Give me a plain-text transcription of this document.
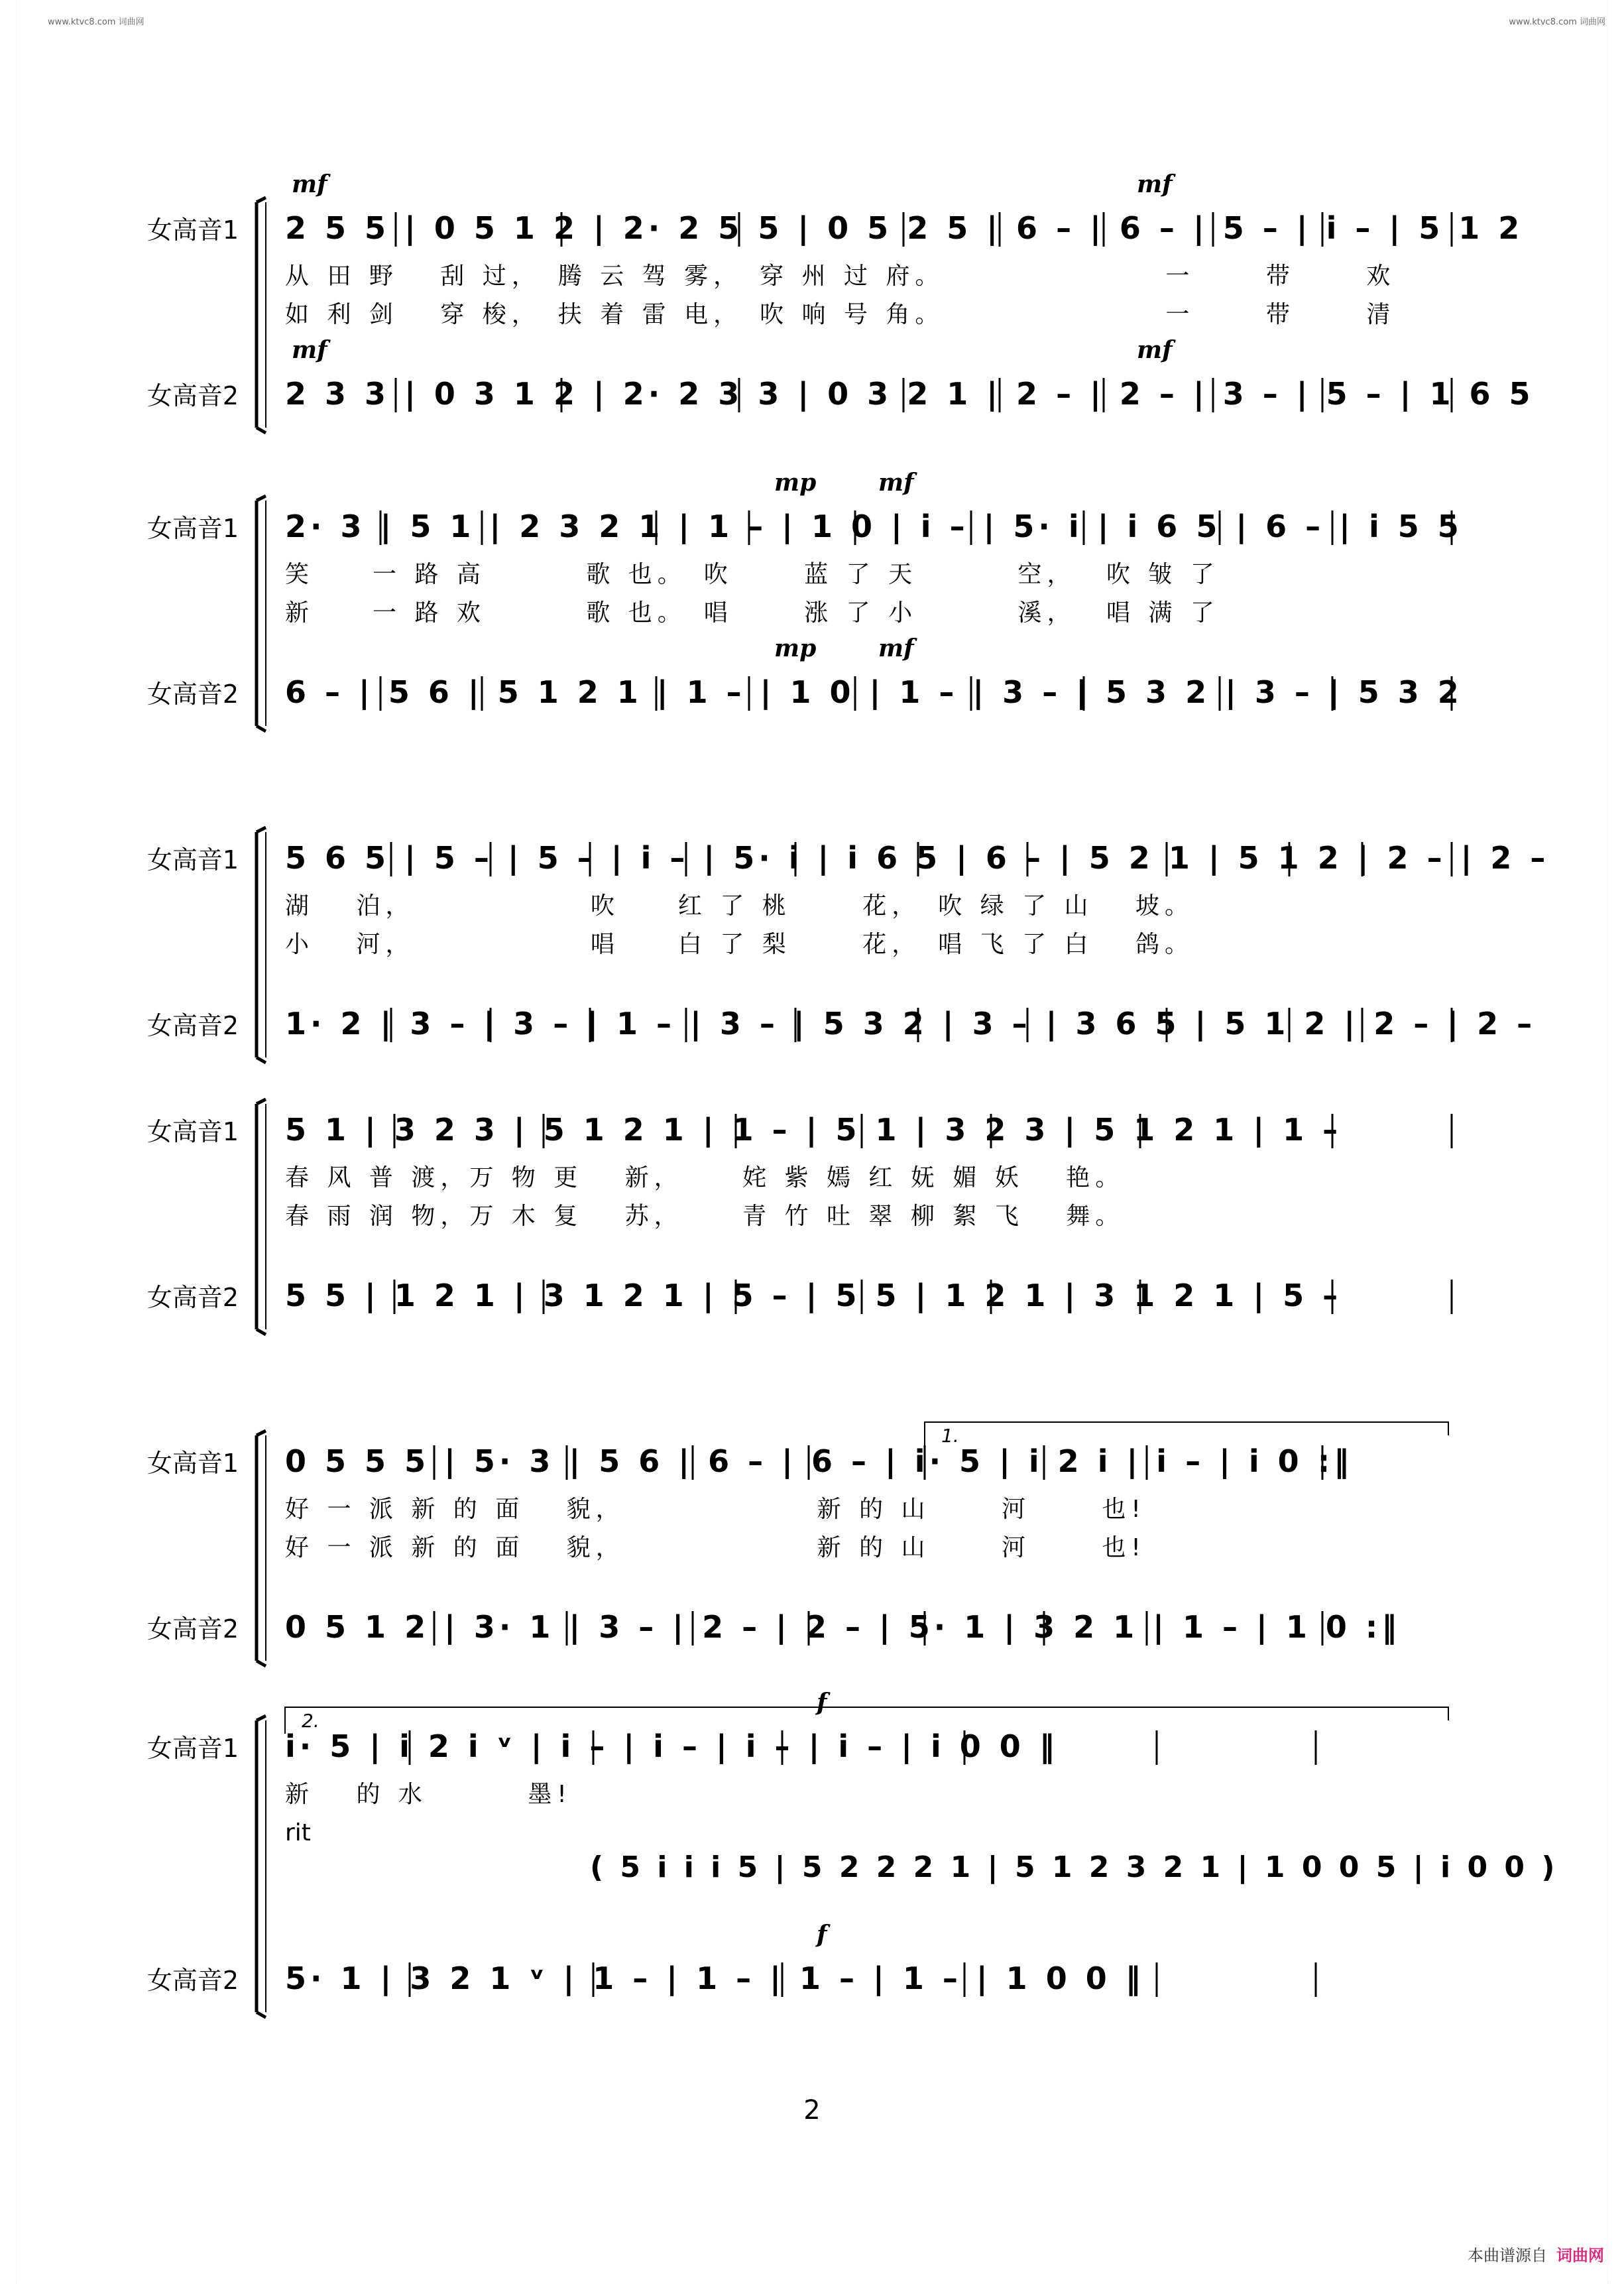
www.ktvc8.com 词曲网	www.ktvc8.com 词曲网
女高音1
女高音2
mf	mf
mf	mf
2 5 5 | 0 5 1 2 | 2· 2 5 5 | 0 5 2 5 | 6 – | 6 – | 5 – | i – | 5 1 2
从 田 野　 刮 过，　腾 云 驾 雾，　穿 州 过 府。　　　　　　　　一　　 带　　 欢
如 利 剑　 穿 梭，　扶 着 雷 电，　吹 响 号 角。　　　　　　　　一　　 带　　 清
2 3 3 | 0 3 1 2 | 2· 2 3 3 | 0 3 2 1 | 2 – | 2 – | 3 – | 5 – | 1 6 5
女高音1
女高音2
mp	mf
mp	mf
2· 3 | 5 1 | 2 3 2 1 | 1 – | 1 0 | i – | 5· i | i 6 5 | 6 – | i 5 5
笑　　一 路 高　　　 歌 也。　吹　　 蓝 了 天　　　 空，　 吹 皱 了
新　　一 路 欢　　　 歌 也。　唱　　 涨 了 小　　　 溪，　 唱 满 了
6 – | 5 6 | 5 1 2 1 | 1 – | 1 0 | 1 – | 3 – | 5 3 2 | 3 – | 5 3 2
女高音1
女高音2
5 6 5 | 5 – | 5 – | i – | 5· i | i 6 5 | 6 – | 5 2 1 | 5 1 2 | 2 – | 2 –
湖　 泊，　　　　　　 吹　　红 了 桃　　 花，　吹 绿 了 山　 坡。
小　 河，　　　　　　 唱　　白 了 梨　　 花，　唱 飞 了 白　 鸽。
1· 2 | 3 – | 3 – | 1 – | 3 – | 5 3 2 | 3 – | 3 6 5 | 5 1 2 | 2 – | 2 –
女高音1
女高音2
5 1 | 3 2 3 | 5 1 2 1 | 1 – | 5 1 | 3 2 3 | 5 1 2 1 | 1 –
春 风 普 渡，万 物 更　 新，　　 姹 紫 嫣 红 妩 媚 妖　 艳。
春 雨 润 物，万 木 复　 苏，　　 青 竹 吐 翠 柳 絮 飞　 舞。
5 5 | 1 2 1 | 3 1 2 1 | 5 – | 5 5 | 1 2 1 | 3 1 2 1 | 5 –
女高音1
女高音2
1.
0 5 5 5 | 5· 3 | 5 6 | 6 – | 6 – | i· 5 | i 2 i | i – | i 0 :‖
好 一 派 新 的 面　 貌，　　　　　　　新 的 山　　 河　　 也!
好 一 派 新 的 面　 貌，　　　　　　　新 的 山　　 河　　 也!
0 5 1 2 | 3· 1 | 3 – | 2 – | 2 – | 5· 1 | 3 2 1 | 1 – | 1 0 :‖
女高音1
女高音2
f
f
2.
i· 5 | i 2 i ᵛ | i – | i – | i – | i – | i 0 0 ‖
新　 的 水　　　 墨!
rit
( 5 i i i 5 | 5 2 2 2 1 | 5 1 2 3 2 1 | 1 0 0 5 | i 0 0 )
5· 1 | 3 2 1 ᵛ | 1 – | 1 – | 1 – | 1 – | 1 0 0 ‖
2
本曲谱源自 词曲网
